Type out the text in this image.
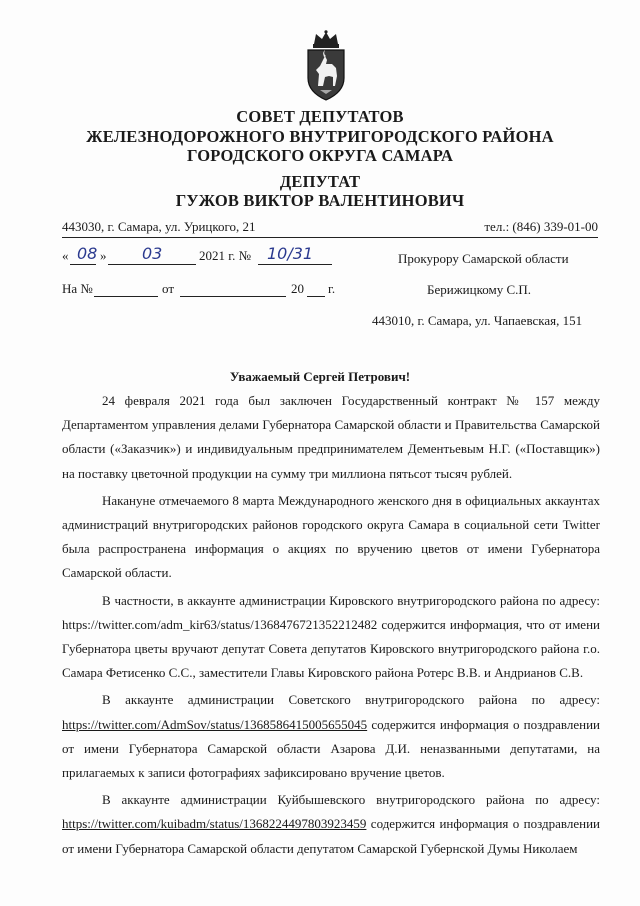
СОВЕТ ДЕПУТАТОВ
ЖЕЛЕЗНОДОРОЖНОГО ВНУТРИГОРОДСКОГО РАЙОНА
ГОРОДСКОГО ОКРУГА САМАРА
ДЕПУТАТ
ГУЖОВ ВИКТОР ВАЛЕНТИНОВИЧ
443030, г. Самара, ул. Урицкого, 21	тел.: (846) 339-01-00
« 08 » 03	2021 г. № 10/31
На №	от	20 г.
Прокурору Самарской области
Берижицкому С.П.
443010, г. Самара, ул. Чапаевская, 151
Уважаемый Сергей Петрович!

24 февраля 2021 года был заключен Государственный контракт № 157 между Департаментом управления делами Губернатора Самарской области и Правительства Самарской области («Заказчик») и индивидуальным предпринимателем Дементьевым Н.Г. («Поставщик») на поставку цветочной продукции на сумму три миллиона пятьсот тысяч рублей.

Накануне отмечаемого 8 марта Международного женского дня в официальных аккаунтах администраций внутригородских районов городского округа Самара в социальной сети Twitter была распространена информация о акциях по вручению цветов от имени Губернатора Самарской области.

В частности, в аккаунте администрации Кировского внутригородского района по адресу: https://twitter.com/adm_kir63/status/1368476721352212482 содержится информация, что от имени Губернатора цветы вручают депутат Совета депутатов Кировского внутригородского района г.о. Самара Фетисенко С.С., заместители Главы Кировского района Ротерс В.В. и Андрианов С.В.

В аккаунте администрации Советского внутригородского района по адресу: https://twitter.com/AdmSov/status/1368586415005655045 содержится информация о поздравлении от имени Губернатора Самарской области Азарова Д.И. неназванными депутатами, на прилагаемых к записи фотографиях зафиксировано вручение цветов.

В аккаунте администрации Куйбышевского внутригородского района по адресу: https://twitter.com/kuibadm/status/1368224497803923459 содержится информация о поздравлении от имени Губернатора Самарской области депутатом Самарской Губернской Думы Николаем
